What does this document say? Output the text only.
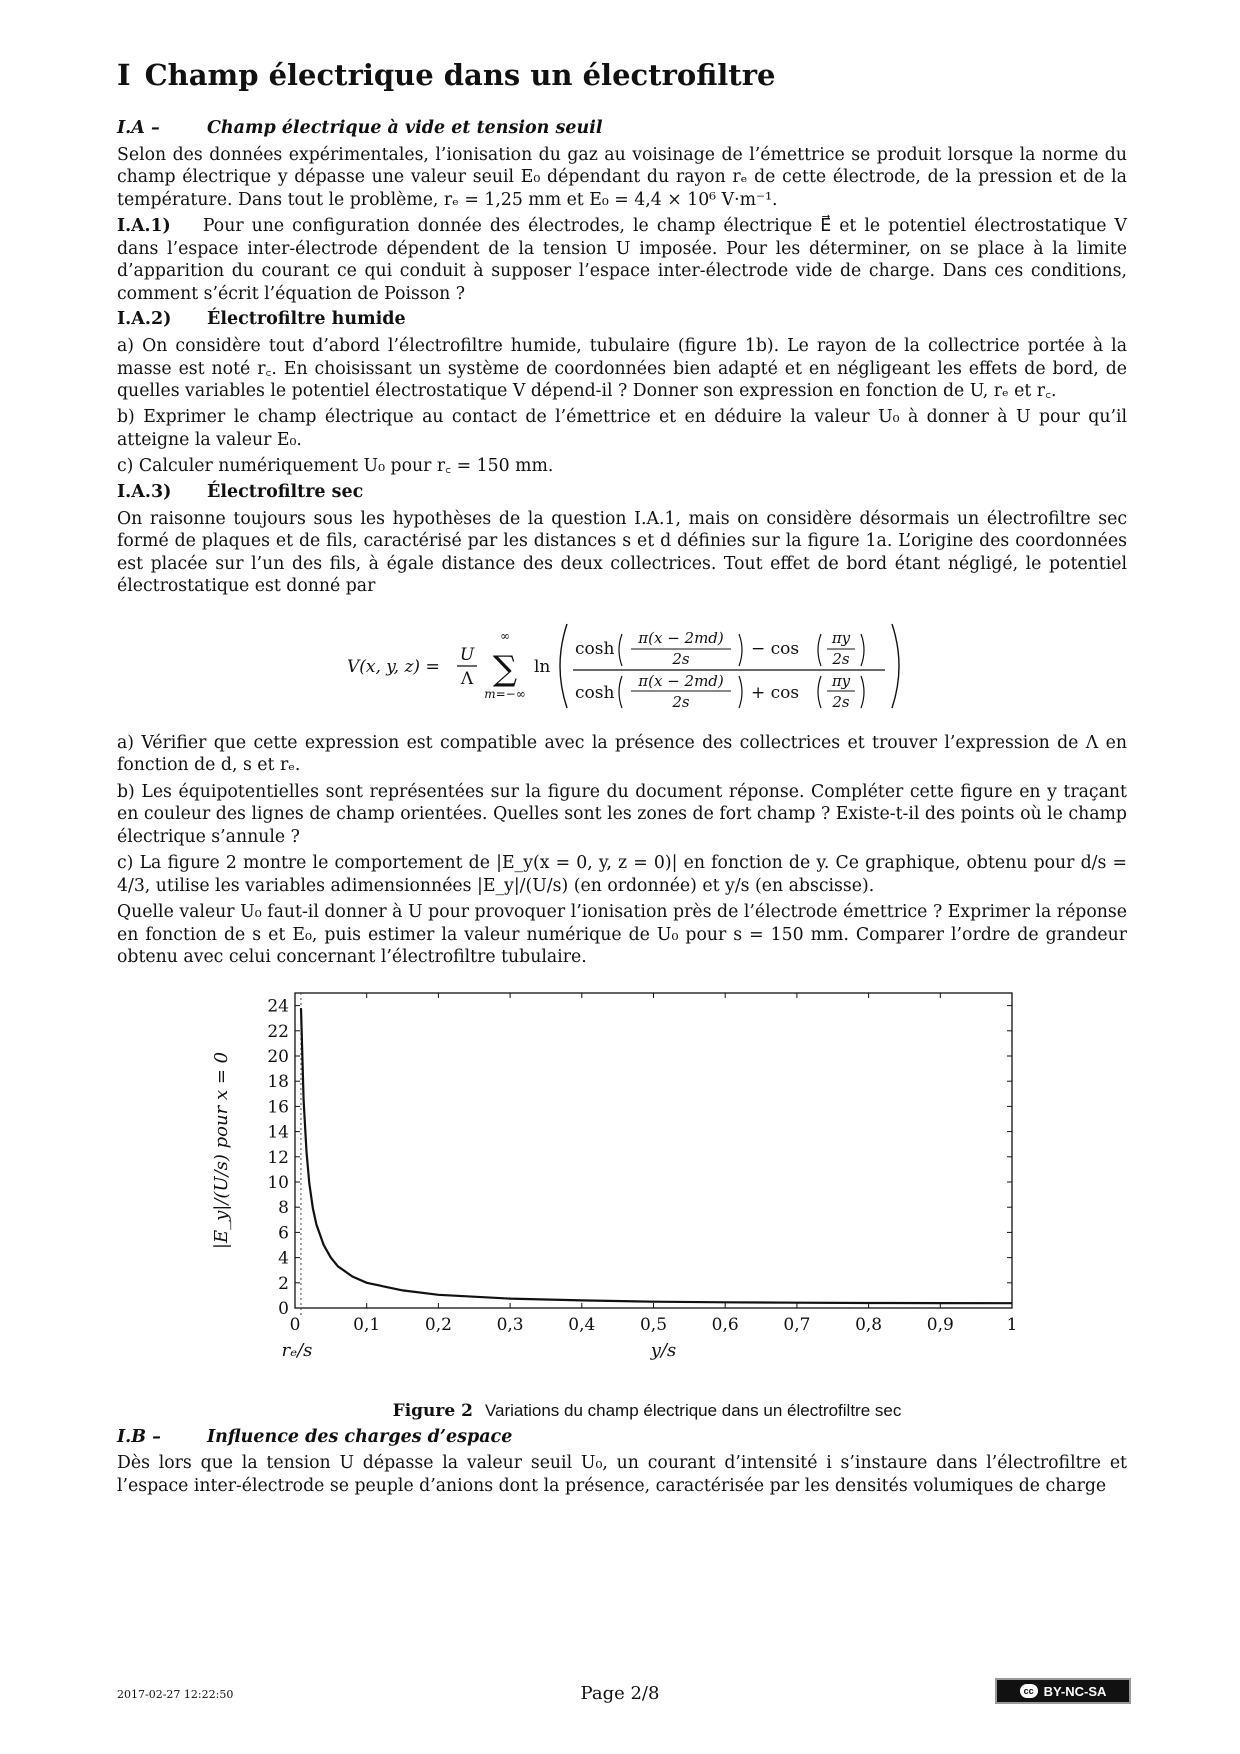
I Champ électrique dans un électrofiltre
I.A –	Champ électrique à vide et tension seuil

Selon des données expérimentales, l’ionisation du gaz au voisinage de l’émettrice se produit lorsque la norme du champ électrique y dépasse une valeur seuil E₀ dépendant du rayon rₑ de cette électrode, de la pression et de la température. Dans tout le problème, rₑ = 1,25 mm et E₀ = 4,4 × 10⁶ V·m⁻¹.

I.A.1) Pour une configuration donnée des électrodes, le champ électrique E⃗ et le potentiel électrostatique V dans l’espace inter-électrode dépendent de la tension U imposée. Pour les déterminer, on se place à la limite d’apparition du courant ce qui conduit à supposer l’espace inter-électrode vide de charge. Dans ces conditions, comment s’écrit l’équation de Poisson ?

I.A.2) Électrofiltre humide

a) On considère tout d’abord l’électrofiltre humide, tubulaire (figure 1b). Le rayon de la collectrice portée à la masse est noté r꜀. En choisissant un système de coordonnées bien adapté et en négligeant les effets de bord, de quelles variables le potentiel électrostatique V dépend-il ? Donner son expression en fonction de U, rₑ et r꜀.

b) Exprimer le champ électrique au contact de l’émettrice et en déduire la valeur U₀ à donner à U pour qu’il atteigne la valeur E₀.

c) Calculer numériquement U₀ pour r꜀ = 150 mm.

I.A.3) Électrofiltre sec

On raisonne toujours sous les hypothèses de la question I.A.1, mais on considère désormais un électrofiltre sec formé de plaques et de fils, caractérisé par les distances s et d définies sur la figure 1a. L’origine des coordonnées est placée sur l’un des fils, à égale distance des deux collectrices. Tout effet de bord étant négligé, le potentiel électrostatique est donné par

V(x, y, z) =
U
Λ
∞
∑
m=−∞
ln
cosh
π(x − 2md)
2s	− cos
πy
2s
cosh
π(x − 2md)
2s	+ cos
πy
2s

a) Vérifier que cette expression est compatible avec la présence des collectrices et trouver l’expression de Λ en fonction de d, s et rₑ.

b) Les équipotentielles sont représentées sur la figure du document réponse. Compléter cette figure en y traçant en couleur des lignes de champ orientées. Quelles sont les zones de fort champ ? Existe-t-il des points où le champ électrique s’annule ?

c) La figure 2 montre le comportement de |E_y(x = 0, y, z = 0)| en fonction de y. Ce graphique, obtenu pour d/s = 4/3, utilise les variables adimensionnées |E_y|/(U/s) (en ordonnée) et y/s (en abscisse).

Quelle valeur U₀ faut-il donner à U pour provoquer l’ionisation près de l’électrode émettrice ? Exprimer la réponse en fonction de s et E₀, puis estimer la valeur numérique de U₀ pour s = 150 mm. Comparer l’ordre de grandeur obtenu avec celui concernant l’électrofiltre tubulaire.

0
2
4
6
8
10
12
14
16
18
20
22
24
0	0,1	0,2	0,3	0,4	0,5	0,6	0,7	0,8	0,9	1
rₑ/s	y/s
|E_y|/(U/s) pour x = 0
Figure 2 Variations du champ électrique dans un électrofiltre sec
I.B –	Influence des charges d’espace

Dès lors que la tension U dépasse la valeur seuil U₀, un courant d’intensité i s’instaure dans l’électrofiltre et l’espace inter-électrode se peuple d’anions dont la présence, caractérisée par les densités volumiques de charge

2017-02-27 12:22:50	Page 2/8	cc BY-NC-SA
